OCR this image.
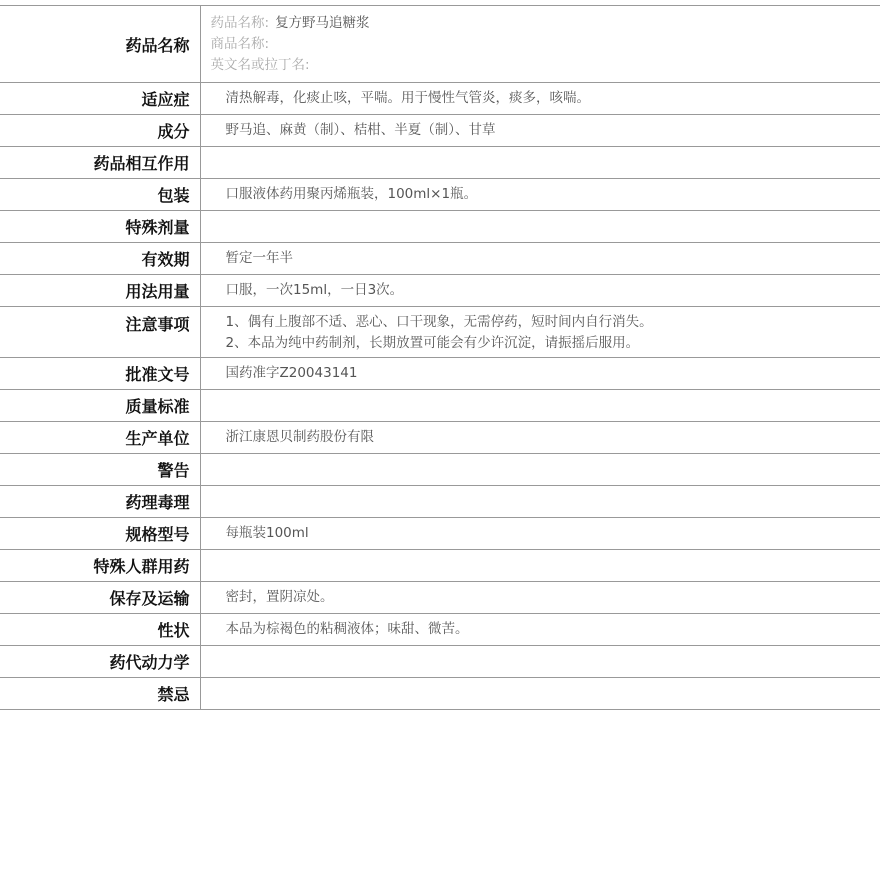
药品名称	药品名称: 复方野马追糖浆
商品名称:
英文名或拉丁名:

适应症	清热解毒，化痰止咳，平喘。用于慢性气管炎，痰多，咳喘。
成分	野马追、麻黄（制）、桔柑、半夏（制）、甘草
药品相互作用	
包装	口服液体药用聚丙烯瓶装，100ml×1瓶。
特殊剂量	
有效期	暂定一年半
用法用量	口服，一次15ml，一日3次。
注意事项	1、偶有上腹部不适、恶心、口干现象，无需停药，短时间内自行消失。
2、本品为纯中药制剂，长期放置可能会有少许沉淀，请振摇后服用。

批准文号	国药准字Z20043141
质量标准	
生产单位	浙江康恩贝制药股份有限
警告	
药理毒理	
规格型号	每瓶装100ml
特殊人群用药	
保存及运输	密封，置阴凉处。
性状	本品为棕褐色的粘稠液体；味甜、微苦。
药代动力学	
禁忌	
